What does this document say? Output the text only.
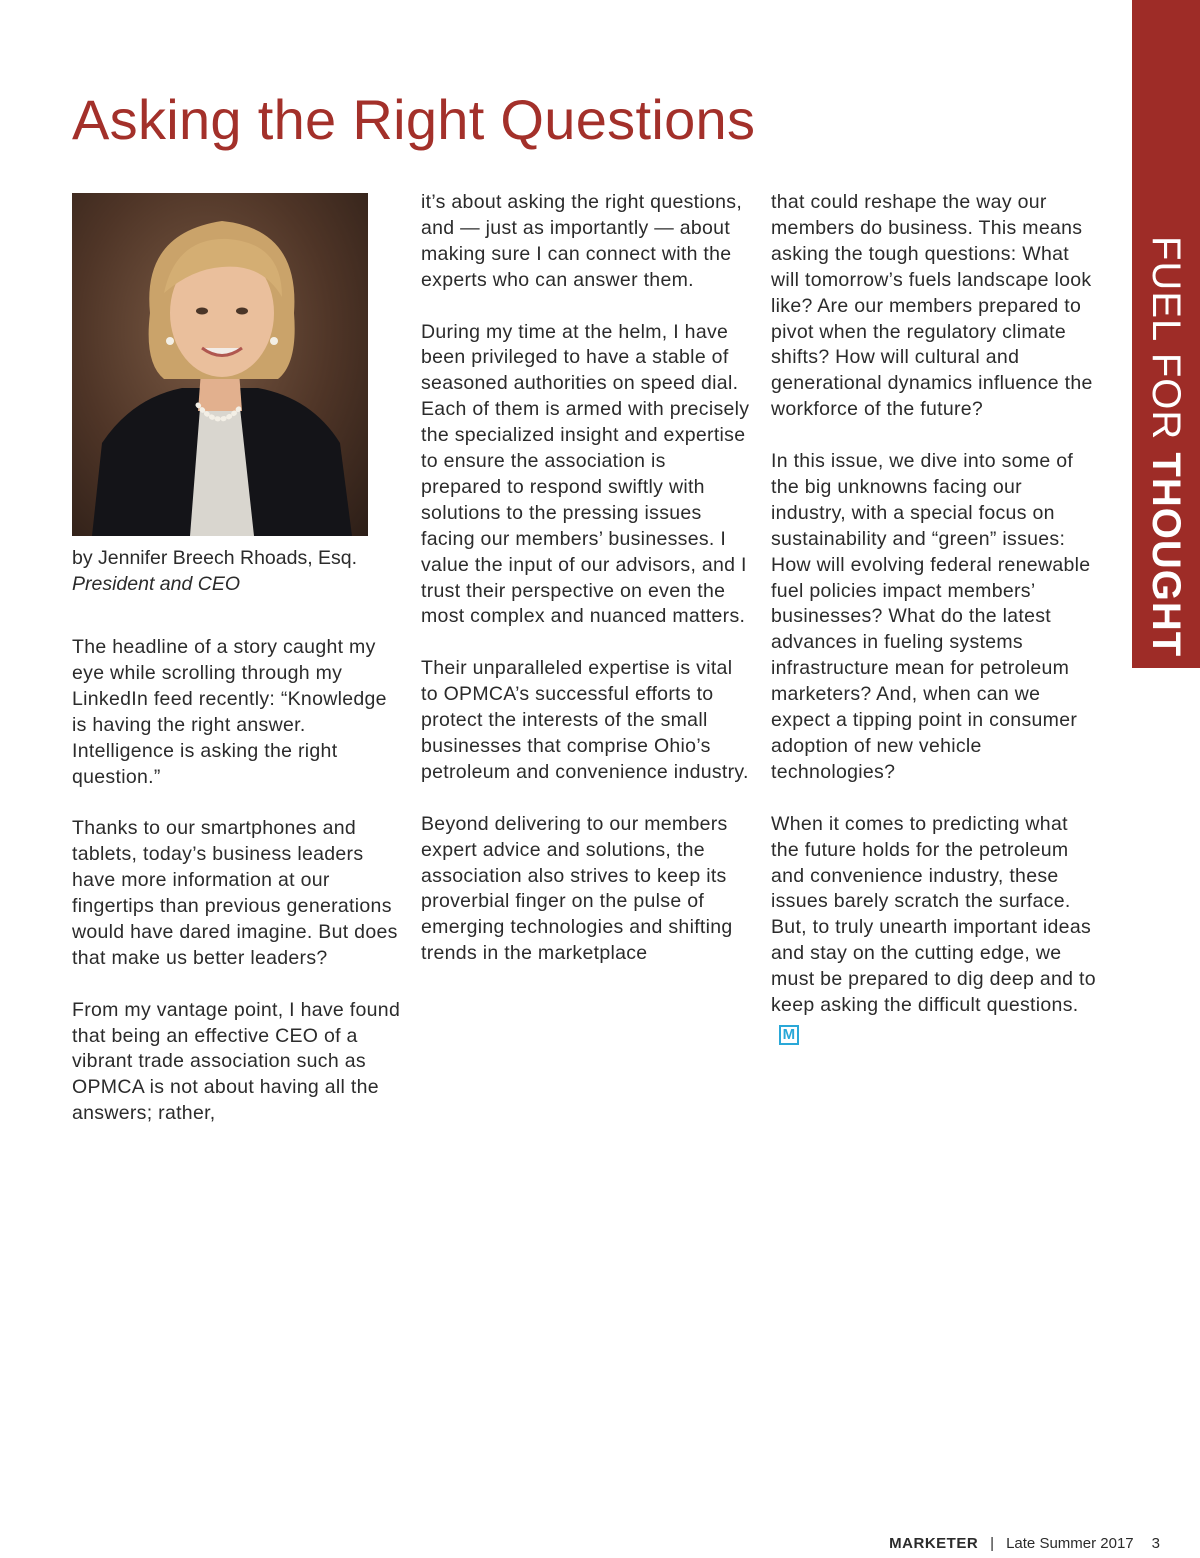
Asking the Right Questions
FUEL FOR THOUGHT
by Jennifer Breech Rhoads, Esq.
President and CEO

The headline of a story caught my eye while scrolling through my LinkedIn feed recently: “Knowledge is having the right answer. Intelligence is asking the right question.”

Thanks to our smartphones and tablets, today’s business leaders have more information at our fingertips than previous generations would have dared imagine. But does that make us better leaders?

From my vantage point, I have found that being an effective CEO of a vibrant trade association such as OPMCA is not about having all the answers; rather,

it’s about asking the right questions, and — just as importantly — about making sure I can connect with the experts who can answer them.

During my time at the helm, I have been privileged to have a stable of seasoned authorities on speed dial. Each of them is armed with precisely the specialized insight and expertise to ensure the association is prepared to respond swiftly with solutions to the pressing issues facing our members’ businesses. I value the input of our advisors, and I trust their perspective on even the most complex and nuanced matters.

Their unparalleled expertise is vital to OPMCA’s successful efforts to protect the interests of the small businesses that comprise Ohio’s petroleum and convenience industry.

Beyond delivering to our members expert advice and solutions, the association also strives to keep its proverbial finger on the pulse of emerging technologies and shifting trends in the marketplace

that could reshape the way our members do business. This means asking the tough questions: What will tomorrow’s fuels landscape look like? Are our members prepared to pivot when the regulatory climate shifts? How will cultural and generational dynamics influence the workforce of the future?

In this issue, we dive into some of the big unknowns facing our industry, with a special focus on sustainability and “green” issues: How will evolving federal renewable fuel policies impact members’ businesses? What do the latest advances in fueling systems infrastructure mean for petroleum marketers? And, when can we expect a tipping point in consumer adoption of new vehicle technologies?

When it comes to predicting what the future holds for the petroleum and convenience industry, these issues barely scratch the surface. But, to truly unearth important ideas and stay on the cutting edge, we must be prepared to dig deep and to keep asking the difficult questions.M

MARKETER | Late Summer 2017 3
